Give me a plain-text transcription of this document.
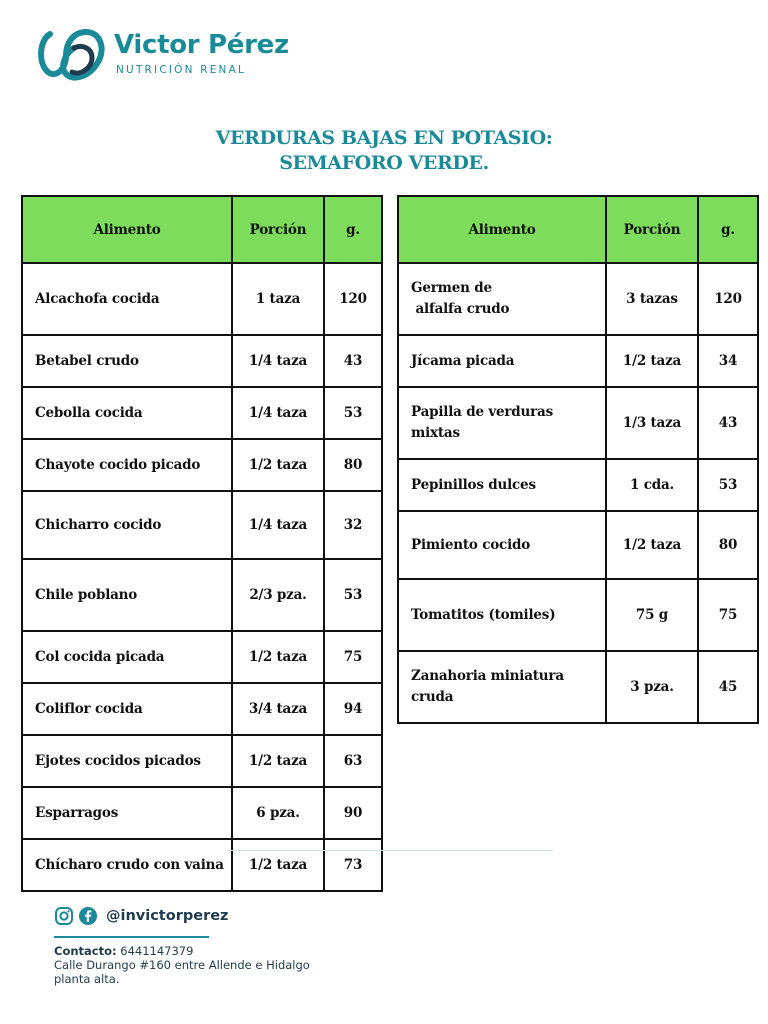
Victor Pérez
NUTRICIÓN RENAL
VERDURAS BAJAS EN POTASIO:
SEMAFORO VERDE.
Alimento	Porción	g.
Alcachofa cocida	1 taza	120
Betabel crudo	1/4 taza	43
Cebolla cocida	1/4 taza	53
Chayote cocido picado	1/2 taza	80
Chicharro cocido	1/4 taza	32
Chile poblano	2/3 pza.	53
Col cocida picada	1/2 taza	75
Coliflor cocida	3/4 taza	94
Ejotes cocidos picados	1/2 taza	63
Esparragos	6 pza.	90
Chícharo crudo con vaina	1/2 taza	73
Alimento	Porción	g.
Germen de
alfalfa crudo	3 tazas	120
Jícama picada	1/2 taza	34
Papilla de verduras
mixtas	1/3 taza	43
Pepinillos dulces	1 cda.	53
Pimiento cocido	1/2 taza	80
Tomatitos (tomiles)	75 g	75
Zanahoria miniatura
cruda	3 pza.	45
@invictorperez
Contacto: 6441147379
Calle Durango #160 entre Allende e Hidalgo
planta alta.
